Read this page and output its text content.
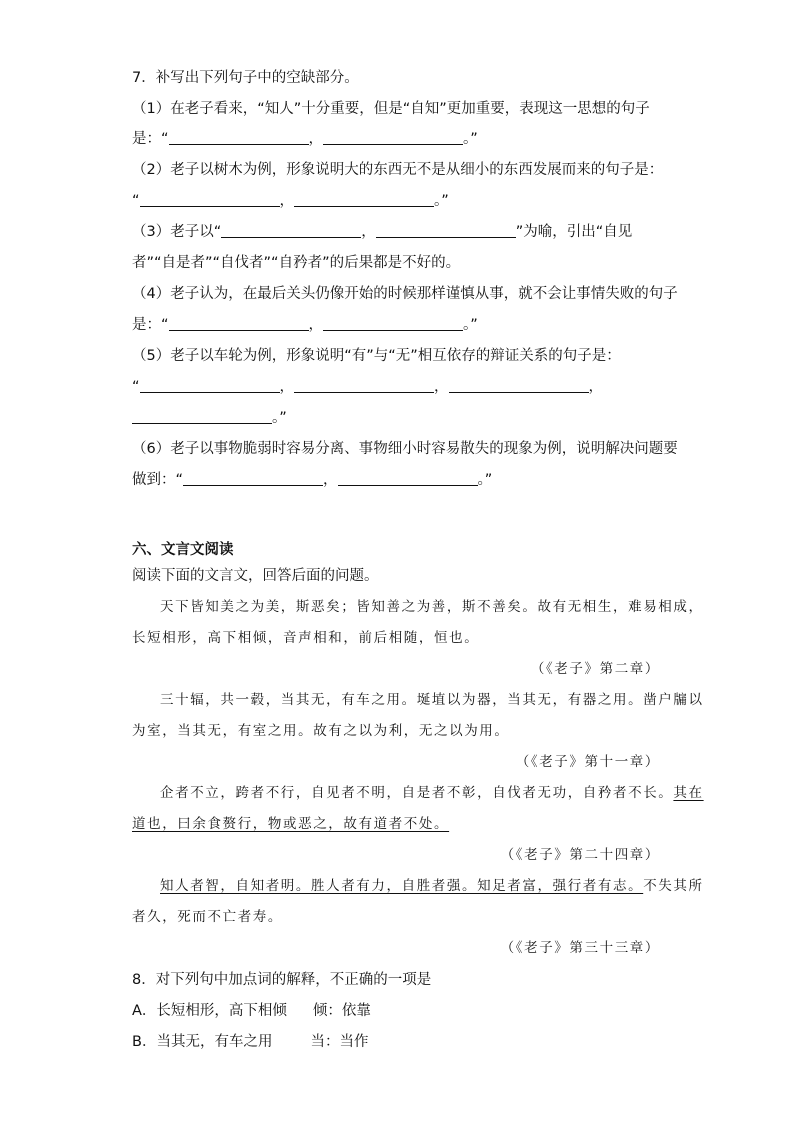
7．补写出下列句子中的空缺部分。
（1）在老子看来，“知人”十分重要，但是“自知”更加重要，表现这一思想的句子
是：“	，	。”
（2）老子以树木为例，形象说明大的东西无不是从细小的东西发展而来的句子是：
“	，	。”
（3）老子以“	，	”为喻，引出“自见
者”“自是者”“自伐者”“自矜者”的后果都是不好的。
（4）老子认为，在最后关头仍像开始的时候那样谨慎从事，就不会让事情失败的句子
是：“	，	。”
（5）老子以车轮为例，形象说明“有”与“无”相互依存的辩证关系的句子是：
“	，	，	，
。”
（6）老子以事物脆弱时容易分离、事物细小时容易散失的现象为例，说明解决问题要
做到：“	，	。”
六、文言文阅读
阅读下面的文言文，回答后面的问题。
天下皆知美之为美，斯恶矣；皆知善之为善，斯不善矣。故有无相生，难易相成，
长短相形，高下相倾，音声相和，前后相随，恒也。
（《老子》第二章）
三十辐，共一毂，当其无，有车之用。埏埴以为器，当其无，有器之用。凿户牖以
为室，当其无，有室之用。故有之以为利，无之以为用。
（《老子》第十一章）
企者不立，跨者不行，自见者不明，自是者不彰，自伐者无功，自矜者不长。其在
道也，曰余食赘行，物或恶之，故有道者不处。
（《老子》第二十四章）
知人者智，自知者明。胜人者有力，自胜者强。知足者富，强行者有志。不失其所
者久，死而不亡者寿。
（《老子》第三十三章）
8．对下列句中加点词的解释，不正确的一项是
A．长短相形，高下相倾 倾：依靠
B．当其无，有车之用	当：当作
